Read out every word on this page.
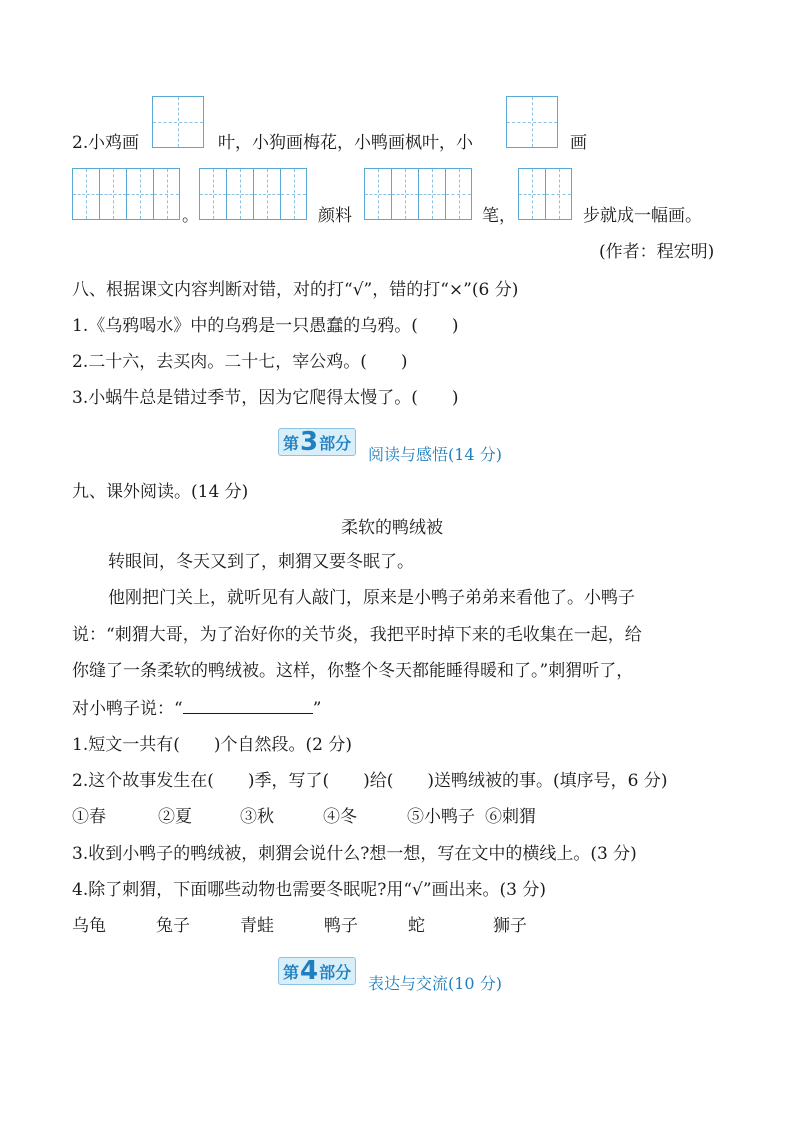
2. 小鸡画	叶，小狗画梅花，小鸭画枫叶，小	画
。	颜料	笔，	步就成一幅画。
(作者：程宏明)
八、根据课文内容判断对错，对的打“√”，错的打“×”(6 分)
1.《乌鸦喝水》中的乌鸦是一只愚蠢的乌鸦。(　　)
2.二十六，去买肉。二十七，宰公鸡。(　　)
3.小蜗牛总是错过季节，因为它爬得太慢了。(　　)
第 3 部分
阅读与感悟(14 分)
九、课外阅读。(14 分)
柔软的鸭绒被
转眼间，冬天又到了，刺猬又要冬眠了。
他刚把门关上，就听见有人敲门，原来是小鸭子弟弟来看他了。小鸭子
说：“刺猬大哥，为了治好你的关节炎，我把平时掉下来的毛收集在一起，给
你缝了一条柔软的鸭绒被。这样，你整个冬天都能睡得暖和了。”刺猬听了，
对小鸭子说：“	”
1.短文一共有(　　)个自然段。(2 分)
2.这个故事发生在(　　)季，写了(　　)给(　　)送鸭绒被的事。(填序号，6 分)
①春	②夏	③秋	④冬	⑤小鸭子 ⑥刺猬
3.收到小鸭子的鸭绒被，刺猬会说什么?想一想，写在文中的横线上。(3 分)
4.除了刺猬，下面哪些动物也需要冬眠呢?用“√”画出来。(3 分)
乌龟	兔子	青蛙	鸭子	蛇	狮子
第 4 部分
表达与交流(10 分)
